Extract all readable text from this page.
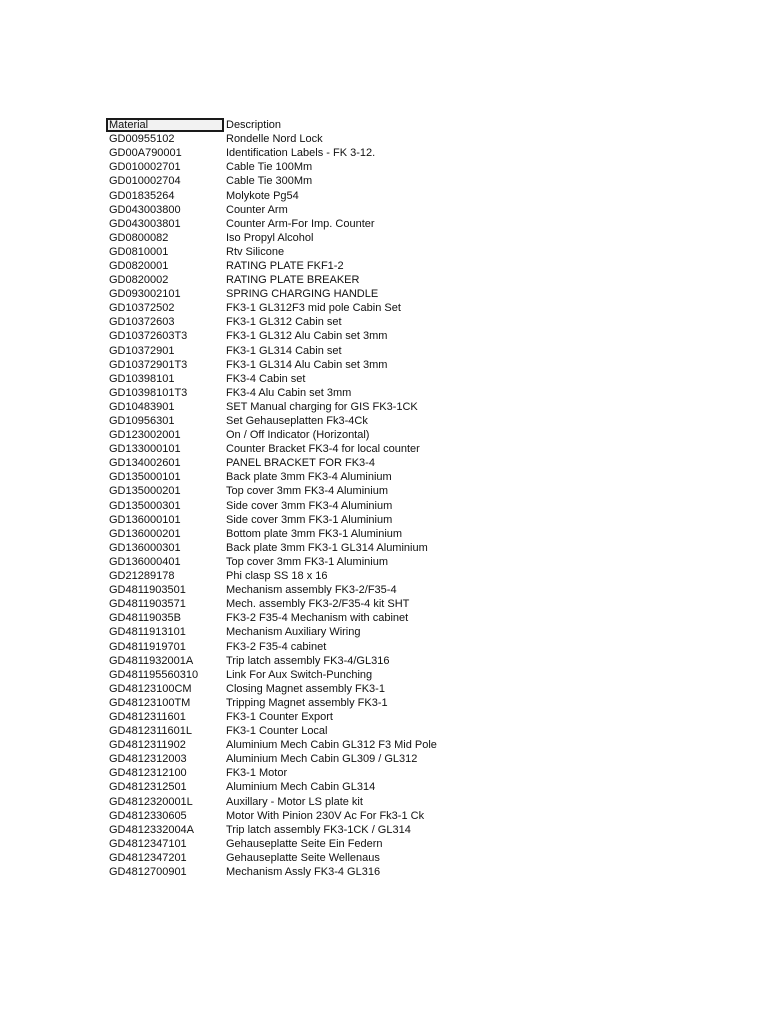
Material	Description
GD00955102	Rondelle Nord Lock
GD00A790001	Identification Labels - FK 3-12.
GD010002701	Cable Tie 100Mm
GD010002704	Cable Tie 300Mm
GD01835264	Molykote Pg54
GD043003800	Counter Arm
GD043003801	Counter Arm-For Imp. Counter
GD0800082	Iso Propyl Alcohol
GD0810001	Rtv Silicone
GD0820001	RATING PLATE FKF1-2
GD0820002	RATING PLATE BREAKER
GD093002101	SPRING CHARGING HANDLE
GD10372502	FK3-1 GL312F3 mid pole Cabin Set
GD10372603	FK3-1 GL312 Cabin set
GD10372603T3	FK3-1 GL312 Alu Cabin set 3mm
GD10372901	FK3-1 GL314 Cabin set
GD10372901T3	FK3-1 GL314 Alu Cabin set 3mm
GD10398101	FK3-4 Cabin set
GD10398101T3	FK3-4 Alu Cabin set 3mm
GD10483901	SET Manual charging for GIS FK3-1CK
GD10956301	Set Gehauseplatten Fk3-4Ck
GD123002001	On / Off Indicator (Horizontal)
GD133000101	Counter Bracket FK3-4 for local counter
GD134002601	PANEL BRACKET FOR FK3-4
GD135000101	Back plate 3mm FK3-4 Aluminium
GD135000201	Top cover 3mm FK3-4 Aluminium
GD135000301	Side cover 3mm FK3-4 Aluminium
GD136000101	Side cover 3mm FK3-1 Aluminium
GD136000201	Bottom plate 3mm FK3-1 Aluminium
GD136000301	Back plate 3mm FK3-1 GL314 Aluminium
GD136000401	Top cover 3mm FK3-1 Aluminium
GD21289178	Phi clasp SS 18 x 16
GD4811903501	Mechanism assembly FK3-2/F35-4
GD4811903571	Mech. assembly FK3-2/F35-4 kit SHT
GD48119035B	FK3-2 F35-4 Mechanism with cabinet
GD4811913101	Mechanism Auxiliary Wiring
GD4811919701	FK3-2 F35-4 cabinet
GD4811932001A	Trip latch assembly FK3-4/GL316
GD481195560310	Link For Aux Switch-Punching
GD48123100CM	Closing Magnet assembly FK3-1
GD48123100TM	Tripping Magnet assembly FK3-1
GD4812311601	FK3-1 Counter Export
GD4812311601L	FK3-1 Counter Local
GD4812311902	Aluminium Mech Cabin GL312 F3 Mid Pole
GD4812312003	Aluminium Mech Cabin GL309 / GL312
GD4812312100	FK3-1 Motor
GD4812312501	Aluminium Mech Cabin GL314
GD4812320001L	Auxillary - Motor LS plate kit
GD4812330605	Motor With Pinion 230V Ac For Fk3-1 Ck
GD4812332004A	Trip latch assembly FK3-1CK / GL314
GD4812347101	Gehauseplatte Seite Ein Federn
GD4812347201	Gehauseplatte Seite Wellenaus
GD4812700901	Mechanism Assly FK3-4 GL316
